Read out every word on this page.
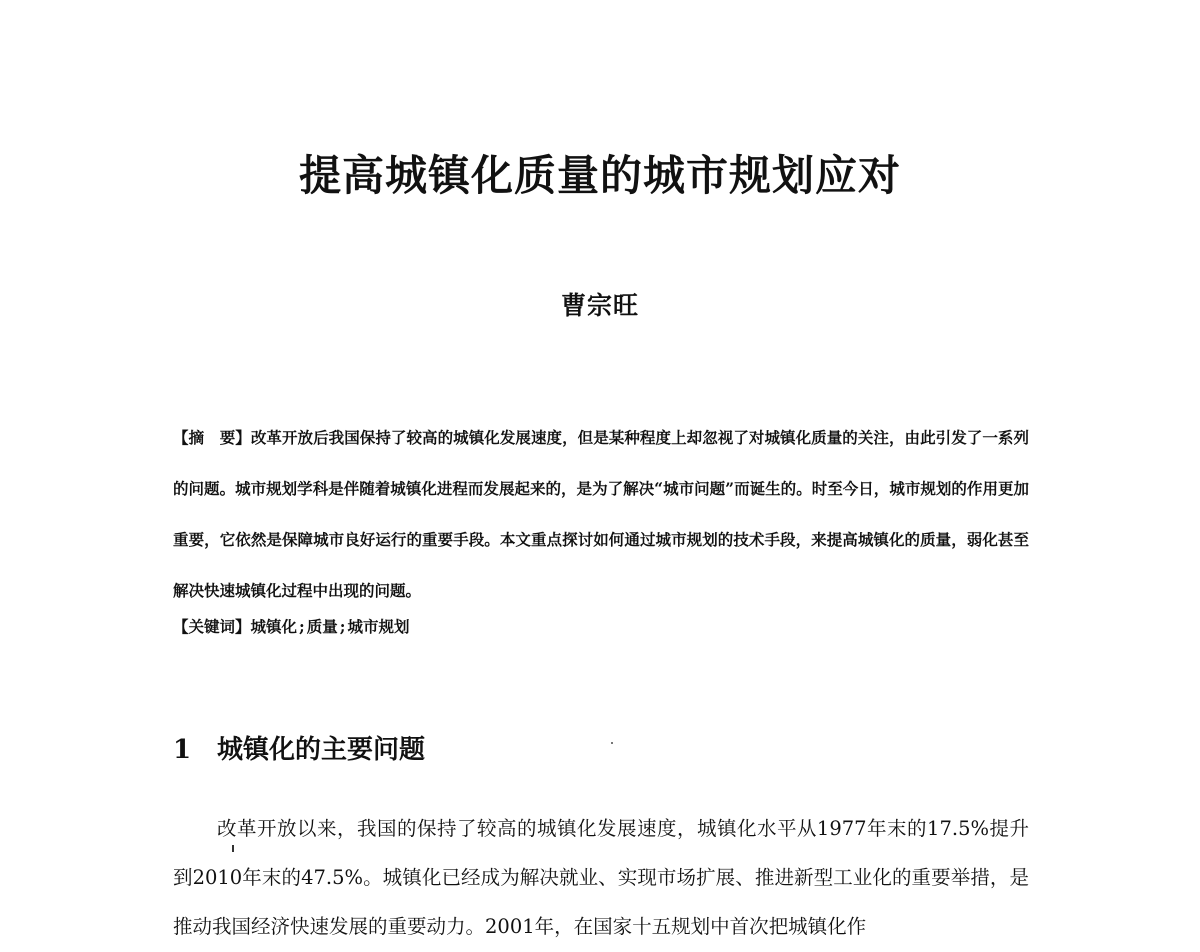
提高城镇化质量的城市规划应对
曹宗旺
【摘　要】改革开放后我国保持了较高的城镇化发展速度，但是某种程度上却忽视了对城镇化质量的关注，由此引发了一系列的问题。城市规划学科是伴随着城镇化进程而发展起来的，是为了解决“城市问题”而诞生的。时至今日，城市规划的作用更加重要，它依然是保障城市良好运行的重要手段。本文重点探讨如何通过城市规划的技术手段，来提高城镇化的质量，弱化甚至解决快速城镇化过程中出现的问题。
【关键词】城镇化 ; 质量 ; 城市规划
1 城镇化的主要问题

改革开放以来，我国的保持了较高的城镇化发展速度，城镇化水平从1977年末的17.5%提升到2010年末的47.5%。城镇化已经成为解决就业、实现市场扩展、推进新型工业化的重要举措，是推动我国经济快速发展的重要动力。2001年，在国家十五规划中首次把城镇化作
